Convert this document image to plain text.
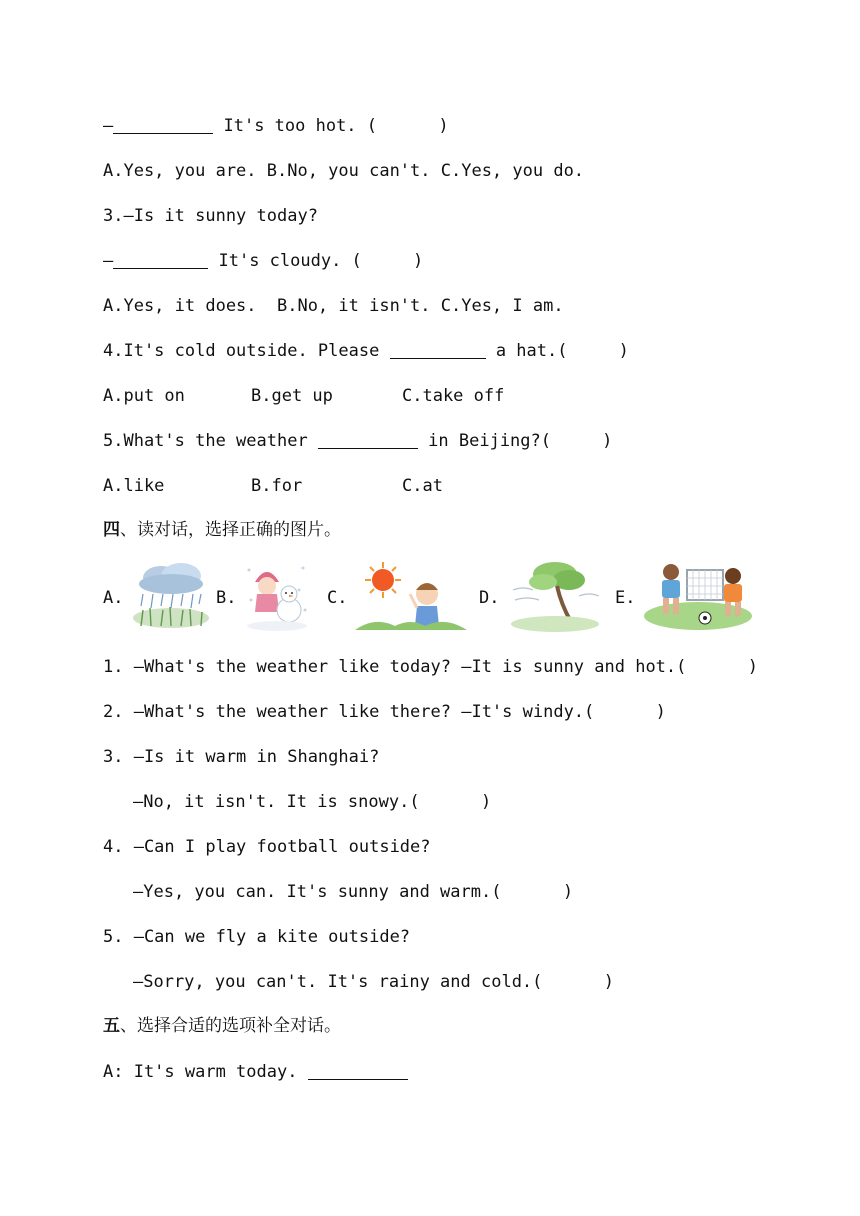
—	It's too hot. (      )
A.Yes, you are. B.No, you can't. C.Yes, you do.
3.—Is it sunny today?
—	It's cloudy. (     )
A.Yes, it does.  B.No, it isn't. C.Yes, I am.
4.It's cold outside. Please	a hat.(     )
A.put on	B.get up	C.take off
5.What's the weather	in Beijing?(     )
A.like	B.for	C.at
四、读对话，选择正确的图片。
A.	B.	C.	D.	E.
1. —What's the weather like today? —It is sunny and hot.(      )
2. —What's the weather like there? —It's windy.(      )
3. —Is it warm in Shanghai?
—No, it isn't. It is snowy.(      )
4. —Can I play football outside?
—Yes, you can. It's sunny and warm.(      )
5. —Can we fly a kite outside?
—Sorry, you can't. It's rainy and cold.(      )
五、选择合适的选项补全对话。
A: It's warm today.
